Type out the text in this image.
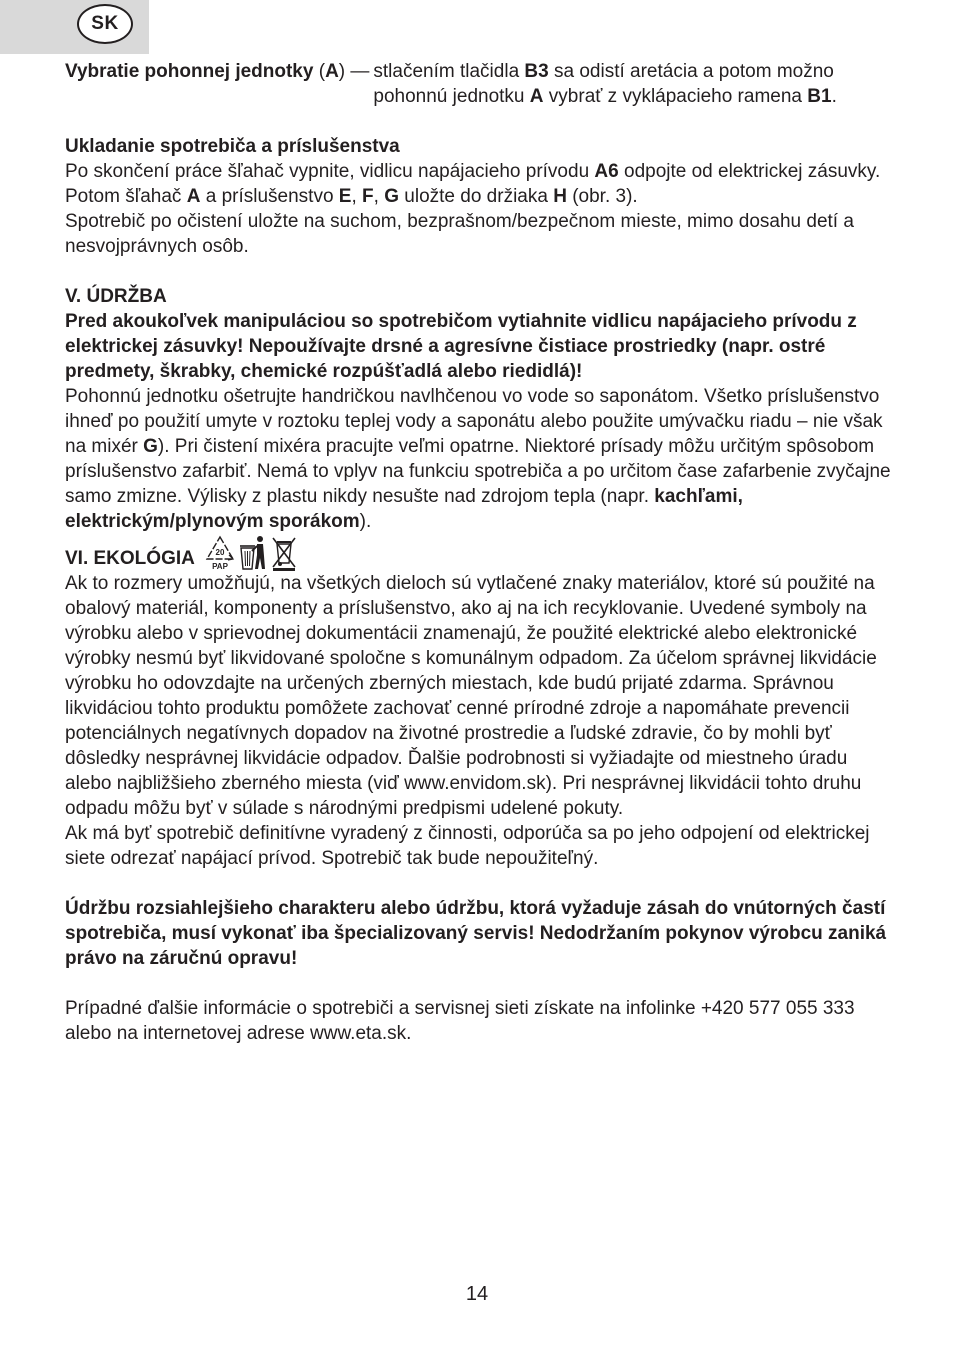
SK
Vybratie pohonnej jednotky (A) — stlačením tlačidla B3 sa odistí aretácia a potom možno pohonnú jednotku A vybrať z vyklápacieho ramena B1.

Ukladanie spotrebiča a príslušenstva

Po skončení práce šľahač vypnite, vidlicu napájacieho prívodu A6 odpojte od elektrickej zásuvky. Potom šľahač A a príslušenstvo E, F, G uložte do držiaka H (obr. 3).

Spotrebič po očistení uložte na suchom, bezprašnom/bezpečnom mieste, mimo dosahu detí a nesvojprávnych osôb.

V. ÚDRŽBA

Pred akoukoľvek manipuláciou so spotrebičom vytiahnite vidlicu napájacieho prívodu z elektrickej zásuvky! Nepoužívajte drsné a agresívne čistiace prostriedky (napr. ostré predmety, škrabky, chemické rozpúšťadlá alebo riedidlá)!

Pohonnú jednotku ošetrujte handričkou navlhčenou vo vode so saponátom. Všetko príslušenstvo ihneď po použití umyte v roztoku teplej vody a saponátu alebo použite umývačku riadu – nie však na mixér G). Pri čistení mixéra pracujte veľmi opatrne. Niektoré prísady môžu určitým spôsobom príslušenstvo zafarbiť. Nemá to vplyv na funkciu spotrebiča a po určitom čase zafarbenie zvyčajne samo zmizne. Výlisky z plastu nikdy nesušte nad zdrojom tepla (napr. kachľami, elektrickým/plynovým sporákom).

VI. EKOLÓGIA	20
PAP

Ak to rozmery umožňujú, na všetkých dieloch sú vytlačené znaky materiálov, ktoré sú použité na obalový materiál, komponenty a príslušenstvo, ako aj na ich recyklovanie. Uvedené symboly na výrobku alebo v sprievodnej dokumentácii znamenajú, že použité elektrické alebo elektronické výrobky nesmú byť likvidované spoločne s komunálnym odpadom. Za účelom správnej likvidácie výrobku ho odovzdajte na určených zberných miestach, kde budú prijaté zdarma. Správnou likvidáciou tohto produktu pomôžete zachovať cenné prírodné zdroje a napomáhate prevencii potenciálnych negatívnych dopadov na životné prostredie a ľudské zdravie, čo by mohli byť dôsledky nesprávnej likvidácie odpadov. Ďalšie podrobnosti si vyžiadajte od miestneho úradu alebo najbližšieho zberného miesta (viď www.envidom.sk). Pri nesprávnej likvidácii tohto druhu odpadu môžu byť v súlade s národnými predpismi udelené pokuty.

Ak má byť spotrebič definitívne vyradený z činnosti, odporúča sa po jeho odpojení od elektrickej siete odrezať napájací prívod. Spotrebič tak bude nepoužiteľný.

Údržbu rozsiahlejšieho charakteru alebo údržbu, ktorá vyžaduje zásah do vnútorných častí spotrebiča, musí vykonať iba špecializovaný servis! Nedodržaním pokynov výrobcu zaniká právo na záručnú opravu!

Prípadné ďalšie informácie o spotrebiči a servisnej sieti získate na infolinke +420 577 055 333 alebo na internetovej adrese www.eta.sk.

14
